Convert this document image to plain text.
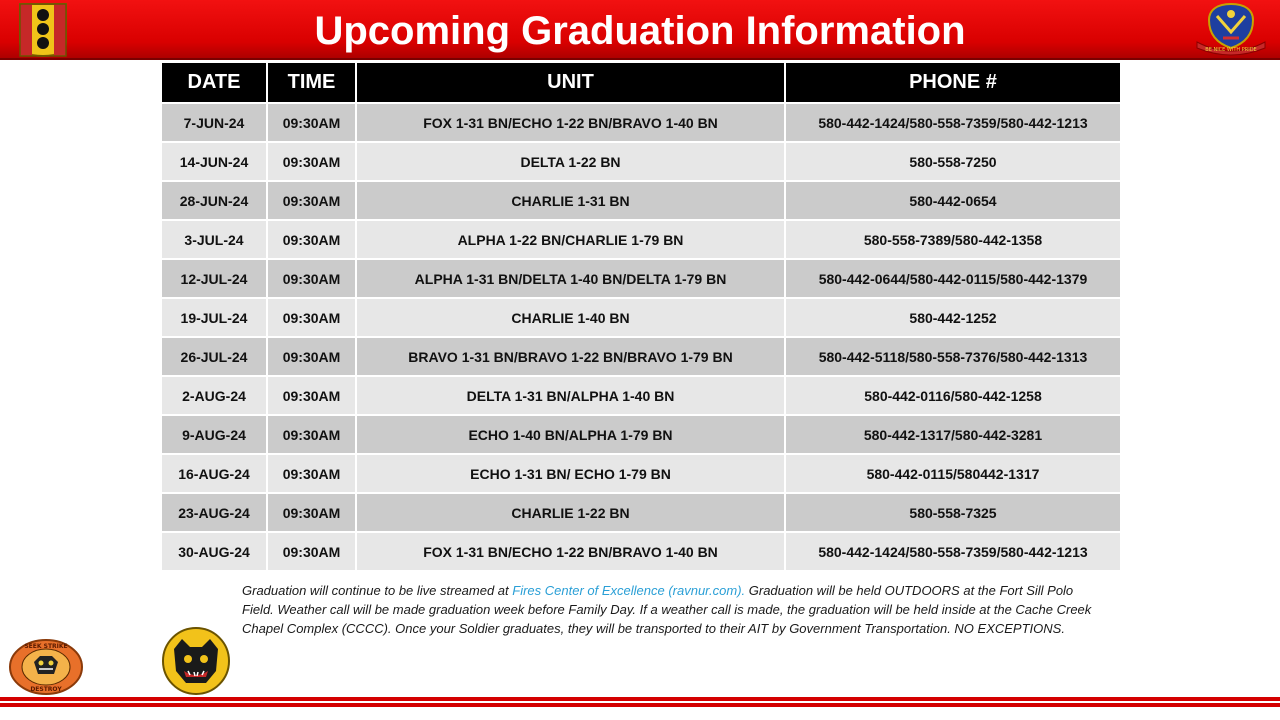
Upcoming Graduation Information	BE NICE WITH PRIDE
DATE	TIME	UNIT	PHONE #
7-JUN-24	09:30AM	FOX 1-31 BN/ECHO 1-22 BN/BRAVO 1-40 BN	580-442-1424/580-558-7359/580-442-1213
14-JUN-24	09:30AM	DELTA 1-22 BN	580-558-7250
28-JUN-24	09:30AM	CHARLIE 1-31 BN	580-442-0654
3-JUL-24	09:30AM	ALPHA 1-22 BN/CHARLIE 1-79 BN	580-558-7389/580-442-1358
12-JUL-24	09:30AM	ALPHA 1-31 BN/DELTA 1-40 BN/DELTA 1-79 BN	580-442-0644/580-442-0115/580-442-1379
19-JUL-24	09:30AM	CHARLIE 1-40 BN	580-442-1252
26-JUL-24	09:30AM	BRAVO 1-31 BN/BRAVO 1-22 BN/BRAVO 1-79 BN	580-442-5118/580-558-7376/580-442-1313
2-AUG-24	09:30AM	DELTA 1-31 BN/ALPHA 1-40 BN	580-442-0116/580-442-1258
9-AUG-24	09:30AM	ECHO 1-40 BN/ALPHA 1-79 BN	580-442-1317/580-442-3281
16-AUG-24	09:30AM	ECHO 1-31 BN/ ECHO 1-79 BN	580-442-0115/580442-1317
23-AUG-24	09:30AM	CHARLIE 1-22 BN	580-558-7325
30-AUG-24	09:30AM	FOX 1-31 BN/ECHO 1-22 BN/BRAVO 1-40 BN	580-442-1424/580-558-7359/580-442-1213
Graduation will continue to be live streamed at Fires Center of Excellence (ravnur.com). Graduation will be held OUTDOORS at the Fort Sill Polo Field. Weather call will be made graduation week before Family Day. If a weather call is made, the graduation will be held inside at the Cache Creek Chapel Complex (CCCC). Once your Soldier graduates, they will be transported to their AIT by Government Transportation. NO EXCEPTIONS.
SEEK STRIKE
DESTROY
